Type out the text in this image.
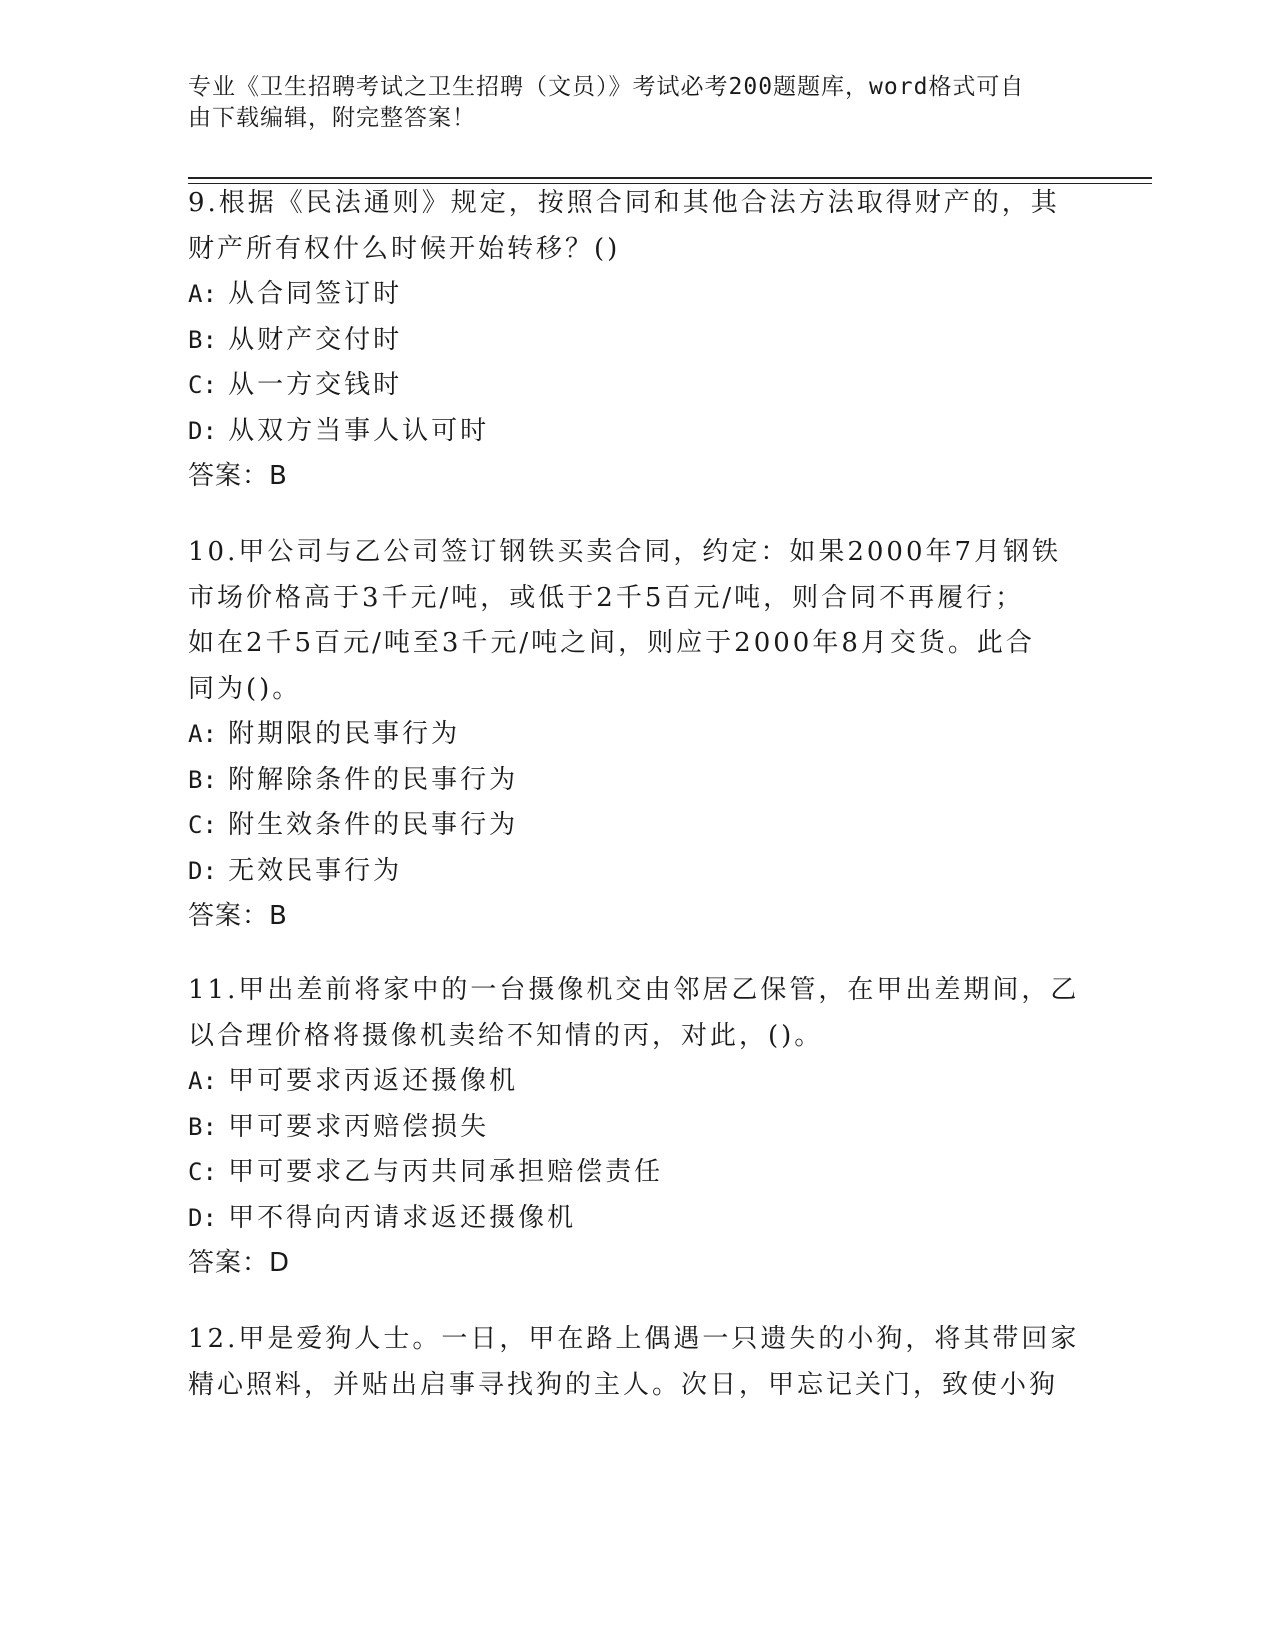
专业《卫生招聘考试之卫生招聘（文员）》考试必考200题题库，word格式可自
由下载编辑，附完整答案！
9.根据《民法通则》规定，按照合同和其他合法方法取得财产的，其
财产所有权什么时候开始转移？()
A: 从合同签订时
B: 从财产交付时
C: 从一方交钱时
D: 从双方当事人认可时
答案：B
10.甲公司与乙公司签订钢铁买卖合同，约定：如果2000年7月钢铁
市场价格高于3千元/吨，或低于2千5百元/吨，则合同不再履行；
如在2千5百元/吨至3千元/吨之间，则应于2000年8月交货。此合
同为()。
A: 附期限的民事行为
B: 附解除条件的民事行为
C: 附生效条件的民事行为
D: 无效民事行为
答案：B
11.甲出差前将家中的一台摄像机交由邻居乙保管，在甲出差期间，乙
以合理价格将摄像机卖给不知情的丙，对此，()。
A: 甲可要求丙返还摄像机
B: 甲可要求丙赔偿损失
C: 甲可要求乙与丙共同承担赔偿责任
D: 甲不得向丙请求返还摄像机
答案：D
12.甲是爱狗人士。一日，甲在路上偶遇一只遗失的小狗，将其带回家
精心照料，并贴出启事寻找狗的主人。次日，甲忘记关门，致使小狗
